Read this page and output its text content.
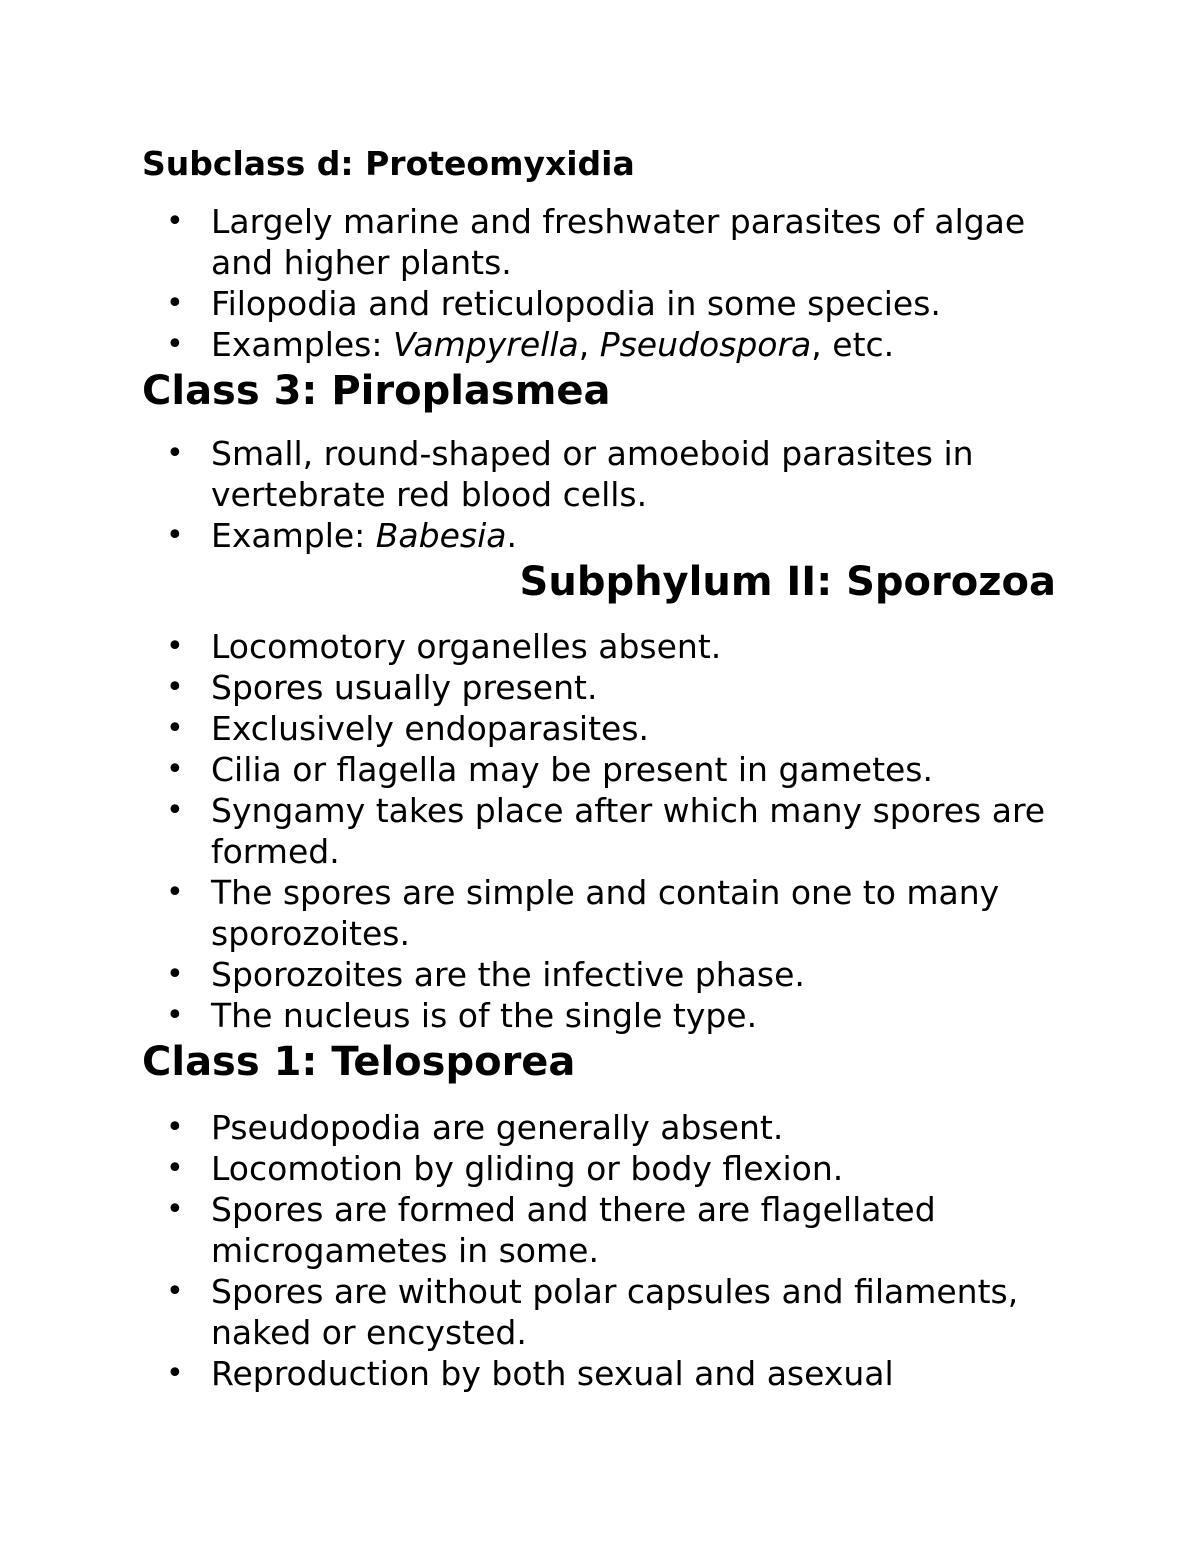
Subclass d: Proteomyxidia
• Largely marine and freshwater parasites of algae and higher plants.
• Filopodia and reticulopodia in some species.
• Examples: Vampyrella, Pseudospora, etc.
Class 3: Piroplasmea
• Small, round-shaped or amoeboid parasites in vertebrate red blood cells.
• Example: Babesia.
Subphylum II: Sporozoa
• Locomotory organelles absent.
• Spores usually present.
• Exclusively endoparasites.
• Cilia or flagella may be present in gametes.
• Syngamy takes place after which many spores are formed.
• The spores are simple and contain one to many sporozoites.
• Sporozoites are the infective phase.
• The nucleus is of the single type.
Class 1: Telosporea
• Pseudopodia are generally absent.
• Locomotion by gliding or body flexion.
• Spores are formed and there are flagellated microgametes in some.
• Spores are without polar capsules and filaments, naked or encysted.
• Reproduction by both sexual and asexual
